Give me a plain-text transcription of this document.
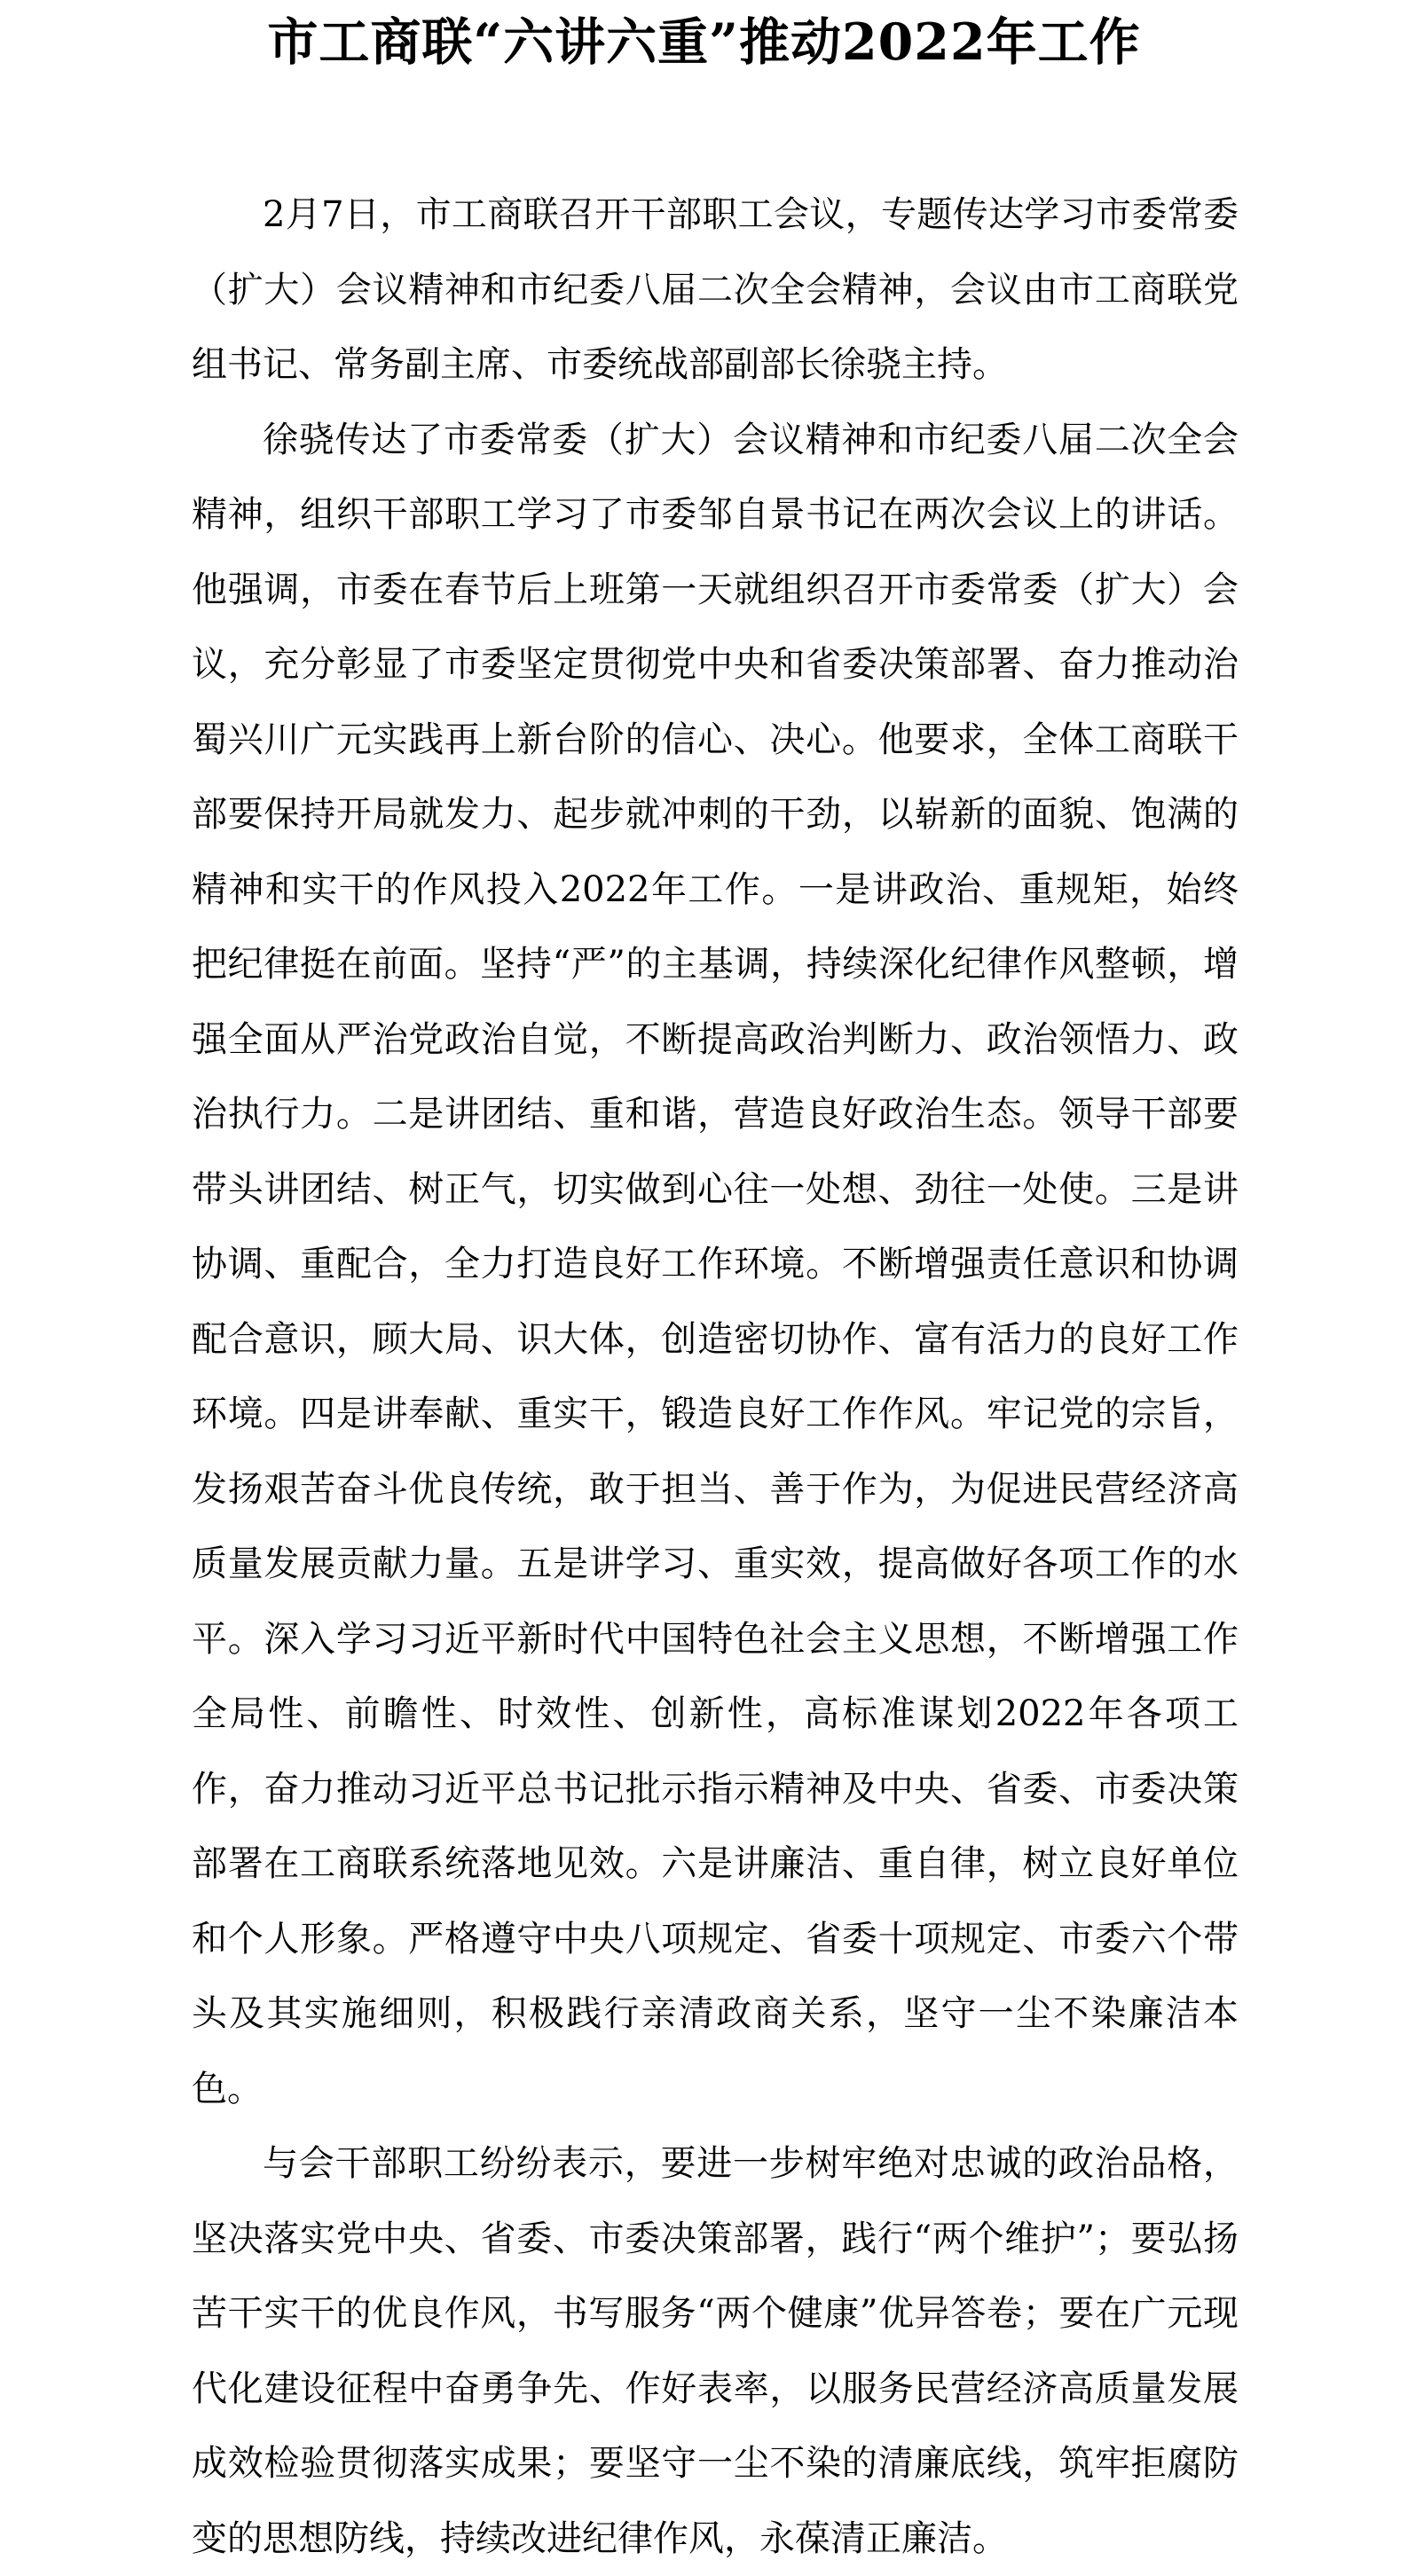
市工商联“六讲六重”推动2022年工作

2月7日，市工商联召开干部职工会议，专题传达学习市委常委（扩大）会议精神和市纪委八届二次全会精神，会议由市工商联党组书记、常务副主席、市委统战部副部长徐骁主持。

徐骁传达了市委常委（扩大）会议精神和市纪委八届二次全会精神，组织干部职工学习了市委邹自景书记在两次会议上的讲话。他强调，市委在春节后上班第一天就组织召开市委常委（扩大）会议，充分彰显了市委坚定贯彻党中央和省委决策部署、奋力推动治蜀兴川广元实践再上新台阶的信心、决心。他要求，全体工商联干部要保持开局就发力、起步就冲刺的干劲，以崭新的面貌、饱满的精神和实干的作风投入2022年工作。一是讲政治、重规矩，始终把纪律挺在前面。坚持“严”的主基调，持续深化纪律作风整顿，增强全面从严治党政治自觉，不断提高政治判断力、政治领悟力、政治执行力。二是讲团结、重和谐，营造良好政治生态。领导干部要带头讲团结、树正气，切实做到心往一处想、劲往一处使。三是讲协调、重配合，全力打造良好工作环境。不断增强责任意识和协调配合意识，顾大局、识大体，创造密切协作、富有活力的良好工作环境。四是讲奉献、重实干，锻造良好工作作风。牢记党的宗旨，发扬艰苦奋斗优良传统，敢于担当、善于作为，为促进民营经济高质量发展贡献力量。五是讲学习、重实效，提高做好各项工作的水平。深入学习习近平新时代中国特色社会主义思想，不断增强工作全局性、前瞻性、时效性、创新性，高标准谋划2022年各项工作，奋力推动习近平总书记批示指示精神及中央、省委、市委决策部署在工商联系统落地见效。六是讲廉洁、重自律，树立良好单位和个人形象。严格遵守中央八项规定、省委十项规定、市委六个带头及其实施细则，积极践行亲清政商关系，坚守一尘不染廉洁本色。

与会干部职工纷纷表示，要进一步树牢绝对忠诚的政治品格，坚决落实党中央、省委、市委决策部署，践行“两个维护”；要弘扬苦干实干的优良作风，书写服务“两个健康”优异答卷；要在广元现代化建设征程中奋勇争先、作好表率，以服务民营经济高质量发展成效检验贯彻落实成果；要坚守一尘不染的清廉底线，筑牢拒腐防变的思想防线，持续改进纪律作风，永葆清正廉洁。
